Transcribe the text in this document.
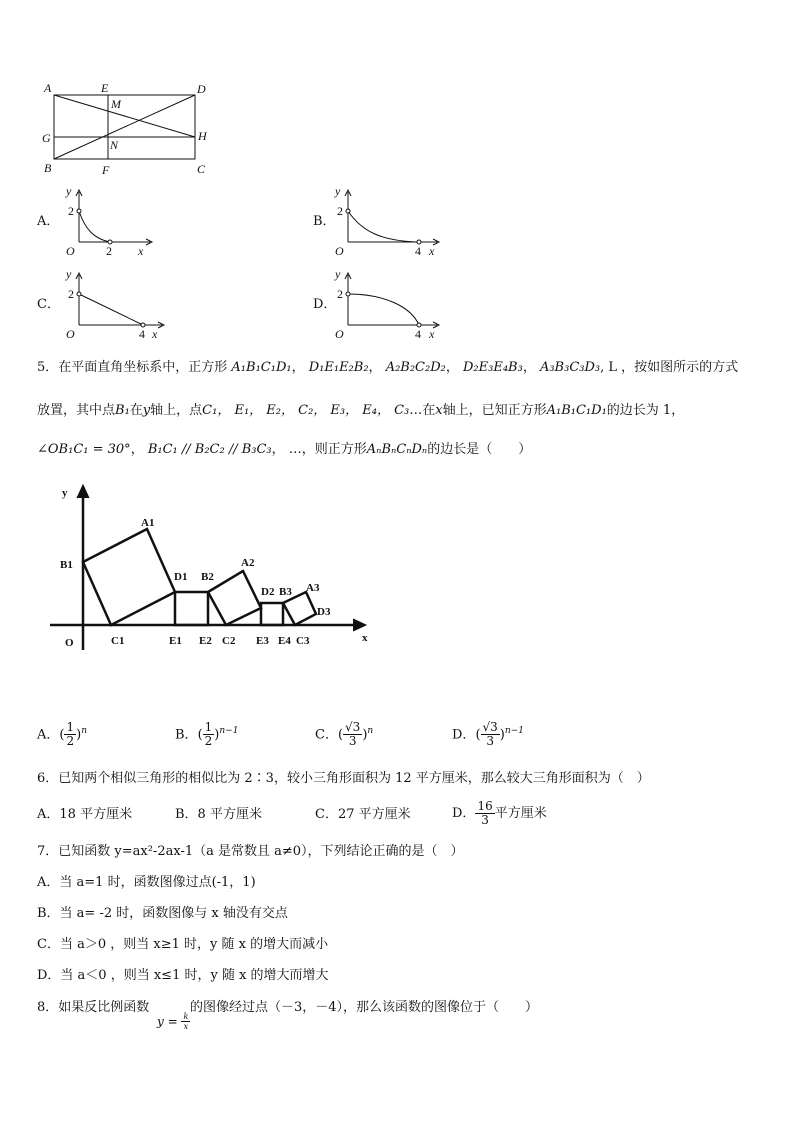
A	E	D
M
G	N
H
B	F	C
A．
y
2
O	2 x
B．
y
2
O	4 x
C．
y
2
O	4 x
D．
y
2
O	4 x
5．在平面直角坐标系中，正方形 A₁B₁C₁D₁， D₁E₁E₂B₂， A₂B₂C₂D₂， D₂E₃E₄B₃， A₃B₃C₃D₃, L ，按如图所示的方式
放置，其中点B₁在y轴上，点C₁， E₁， E₂， C₂， E₃， E₄， C₃…在x轴上，已知正方形A₁B₁C₁D₁的边长为 1，
∠OB₁C₁ = 30°， B₁C₁ // B₂C₂ // B₃C₃， …，则正方形AₙBₙCₙDₙ的边长是（　　）
y
O	x
B1
A1
D1 B2
A2
D2 B3 A3
D3
C1	E1 E2 C2 E3 E4 C3
A．( $\frac{1}{2} )^n$	B．( $\frac{1}{2} )^{n-1}$	C．( $\frac{√3}{3} )^n$	D．( $\frac{√3}{3} )^{n-1}$
6．已知两个相似三角形的相似比为 2∶3，较小三角形面积为 12 平方厘米，那么较大三角形面积为（　）
A．18 平方厘米	B．8 平方厘米	C．27 平方厘米	D． $\frac{16}{3}$ 平方厘米
7．已知函数 y=ax²-2ax-1（a 是常数且 a≠0），下列结论正确的是（　）
A．当 a=1 时，函数图像过点(-1，1)
B．当 a= -2 时，函数图像与 x 轴没有交点
C．当 a＞0 ，则当 x≥1 时，y 随 x 的增大而减小
D．当 a＜0 ，则当 x≤1 时，y 随 x 的增大而增大
8．如果反比例函数
$y = \frac{k}{x}$
的图像经过点（－3，－4），那么该函数的图像位于（　　）
